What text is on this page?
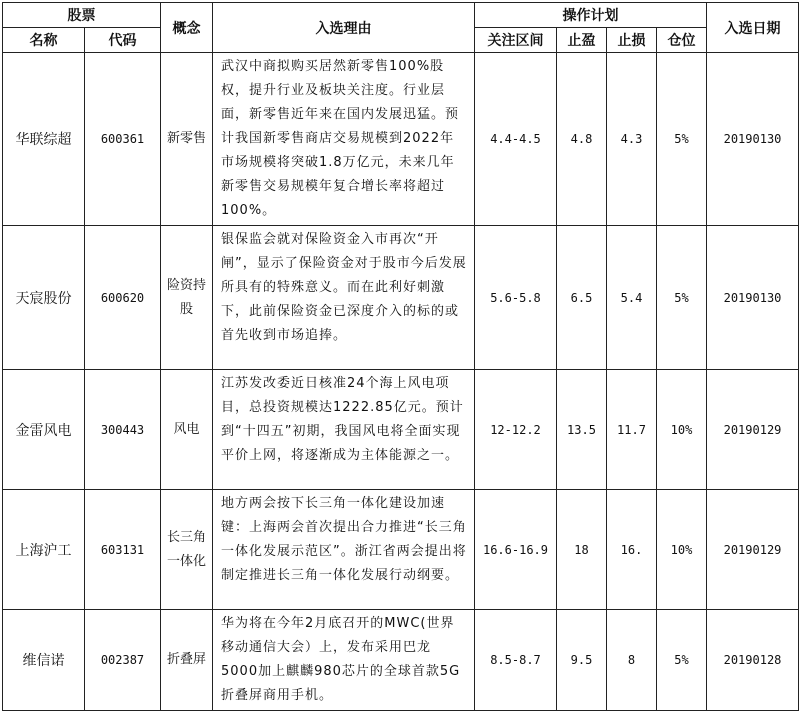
股票		概念	入选理由	操作计划				入选日期
名称	代码			关注区间	止盈	止损	仓位	
华联综超	600361	新零售	武汉中商拟购买居然新零售100%股权，提升行业及板块关注度。行业层面，新零售近年来在国内发展迅猛。预计我国新零售商店交易规模到2022年市场规模将突破1.8万亿元，未来几年新零售交易规模年复合增长率将超过100%。	4.4-4.5	4.8	4.3	5%	20190130
天宸股份	600620	险资持股	银保监会就对保险资金入市再次“开闸”，显示了保险资金对于股市今后发展所具有的特殊意义。而在此利好刺激下，此前保险资金已深度介入的标的或首先收到市场追捧。	5.6-5.8	6.5	5.4	5%	20190130
金雷风电	300443	风电	江苏发改委近日核准24个海上风电项目，总投资规模达1222.85亿元。预计到“十四五”初期，我国风电将全面实现平价上网，将逐渐成为主体能源之一。	12-12.2	13.5	11.7	10%	20190129
上海沪工	603131	长三角一体化	地方两会按下长三角一体化建设加速键：上海两会首次提出合力推进“长三角一体化发展示范区”。浙江省两会提出将制定推进长三角一体化发展行动纲要。	16.6-16.9	18	16.	10%	20190129
维信诺	002387	折叠屏	华为将在今年2月底召开的MWC(世界移动通信大会）上，发布采用巴龙5000加上麒麟980芯片的全球首款5G折叠屏商用手机。	8.5-8.7	9.5	8	5%	20190128
